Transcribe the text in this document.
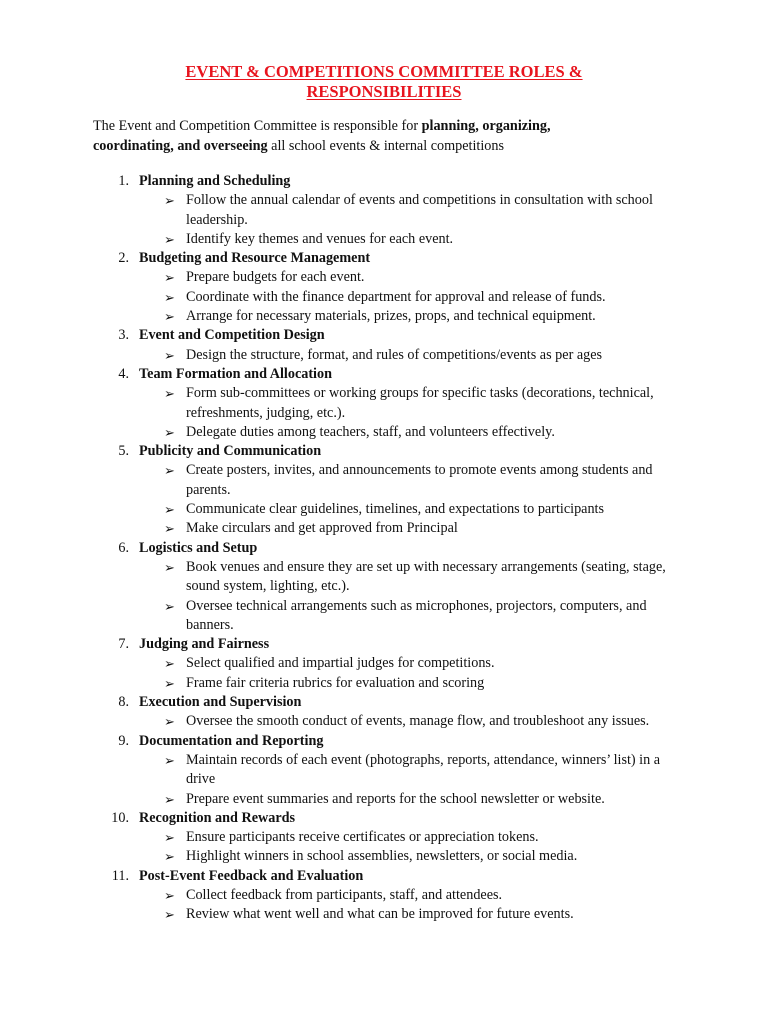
EVENT & COMPETITIONS COMMITTEE ROLES &
RESPONSIBILITIES
The Event and Competition Committee is responsible for planning, organizing, coordinating, and overseeing all school events & internal competitions
1. Planning and Scheduling
➢ Follow the annual calendar of events and competitions in consultation with school leadership.
➢ Identify key themes and venues for each event.
2. Budgeting and Resource Management
➢ Prepare budgets for each event.
➢ Coordinate with the finance department for approval and release of funds.
➢ Arrange for necessary materials, prizes, props, and technical equipment.
3. Event and Competition Design
➢ Design the structure, format, and rules of competitions/events as per ages
4. Team Formation and Allocation
➢ Form sub-committees or working groups for specific tasks (decorations, technical, refreshments, judging, etc.).
➢ Delegate duties among teachers, staff, and volunteers effectively.
5. Publicity and Communication
➢ Create posters, invites, and announcements to promote events among students and parents.
➢ Communicate clear guidelines, timelines, and expectations to participants
➢ Make circulars and get approved from Principal
6. Logistics and Setup
➢ Book venues and ensure they are set up with necessary arrangements (seating, stage, sound system, lighting, etc.).
➢ Oversee technical arrangements such as microphones, projectors, computers, and banners.
7. Judging and Fairness
➢ Select qualified and impartial judges for competitions.
➢ Frame fair criteria rubrics for evaluation and scoring
8. Execution and Supervision
➢ Oversee the smooth conduct of events, manage flow, and troubleshoot any issues.
9. Documentation and Reporting
➢ Maintain records of each event (photographs, reports, attendance, winners’ list) in a drive
➢ Prepare event summaries and reports for the school newsletter or website.
10. Recognition and Rewards
➢ Ensure participants receive certificates or appreciation tokens.
➢ Highlight winners in school assemblies, newsletters, or social media.
11. Post-Event Feedback and Evaluation
➢ Collect feedback from participants, staff, and attendees.
➢ Review what went well and what can be improved for future events.
